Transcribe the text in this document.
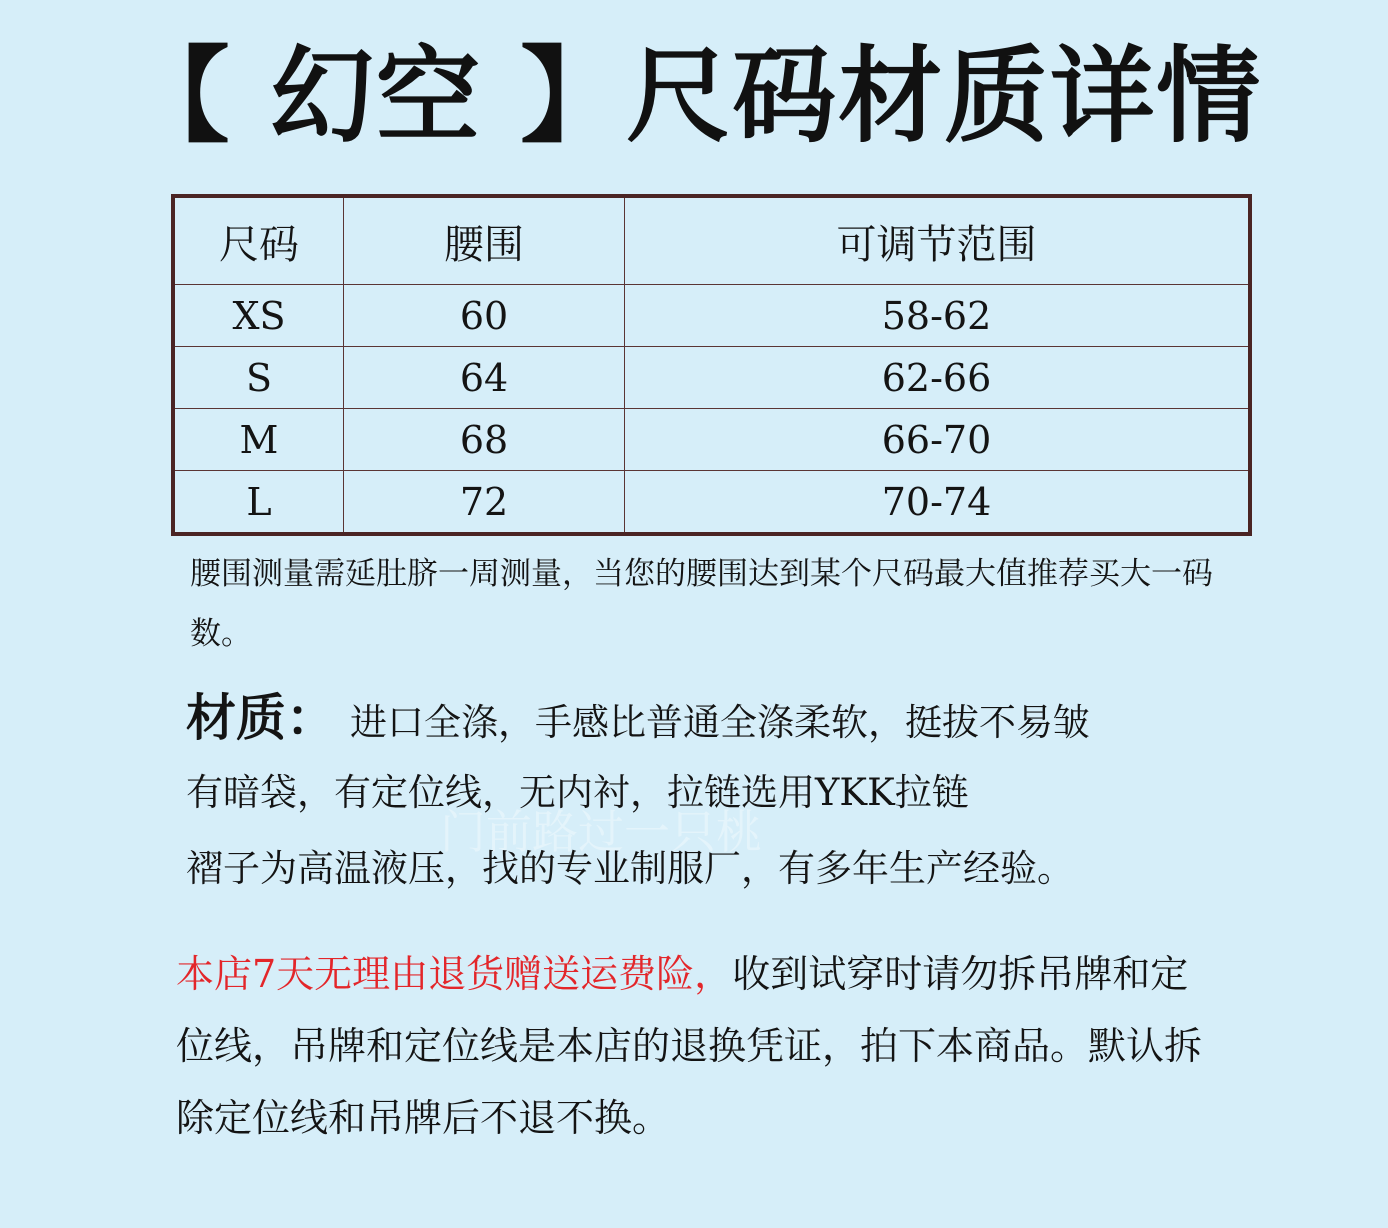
【 幻空 】尺码材质详情
尺码	腰围	可调节范围
XS	60	58-62
S	64	62-66
M	68	66-70
L	72	70-74
腰围测量需延肚脐一周测量，当您的腰围达到某个尺码最大值推荐买大一码数。
门前路过一只桃
材质： 进口全涤，手感比普通全涤柔软，挺拔不易皱
有暗袋，有定位线，无内衬，拉链选用YKK拉链
褶子为高温液压，找的专业制服厂，有多年生产经验。
本店7天无理由退货赠送运费险，收到试穿时请勿拆吊牌和定位线，吊牌和定位线是本店的退换凭证，拍下本商品。默认拆除定位线和吊牌后不退不换。
